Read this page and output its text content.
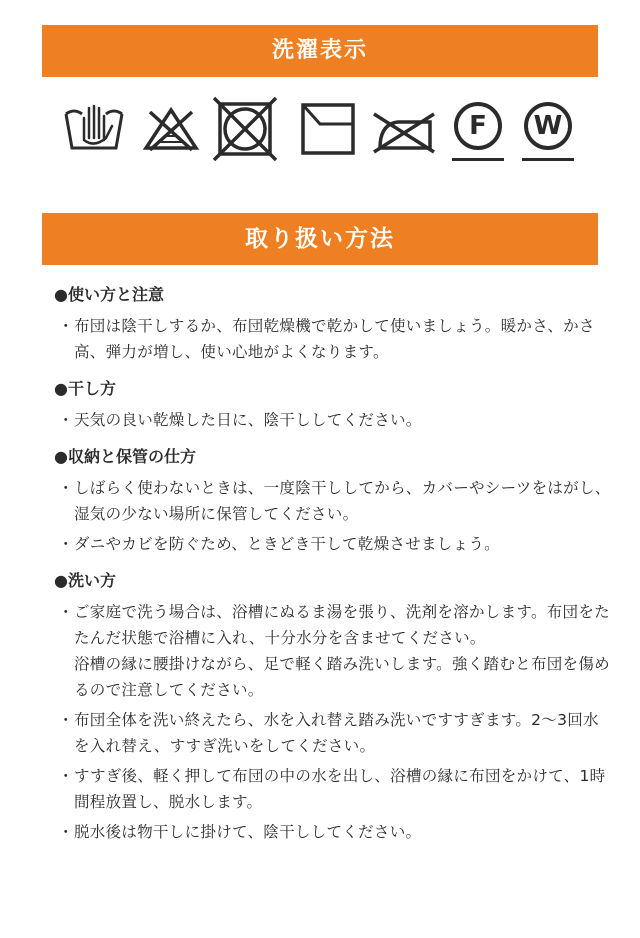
洗濯表示
F	W
取り扱い方法
●使い方と注意
・ 布団は陰干しするか、布団乾燥機で乾かして使いましょう。暖かさ、かさ高、弾力が増し、使い心地がよくなります。
●干し方
・ 天気の良い乾燥した日に、陰干ししてください。
●収納と保管の仕方
・ しばらく使わないときは、一度陰干ししてから、カバーやシーツをはがし、湿気の少ない場所に保管してください。
・ ダニやカビを防ぐため、ときどき干して乾燥させましょう。
●洗い方
・ ご家庭で洗う場合は、浴槽にぬるま湯を張り、洗剤を溶かします。布団をたたんだ状態で浴槽に入れ、十分水分を含ませてください。
浴槽の縁に腰掛けながら、足で軽く踏み洗いします。強く踏むと布団を傷めるので注意してください。
・ 布団全体を洗い終えたら、水を入れ替え踏み洗いですすぎます。2〜3回水を入れ替え、すすぎ洗いをしてください。
・ すすぎ後、軽く押して布団の中の水を出し、浴槽の縁に布団をかけて、1時間程放置し、脱水します。
・ 脱水後は物干しに掛けて、陰干ししてください。
